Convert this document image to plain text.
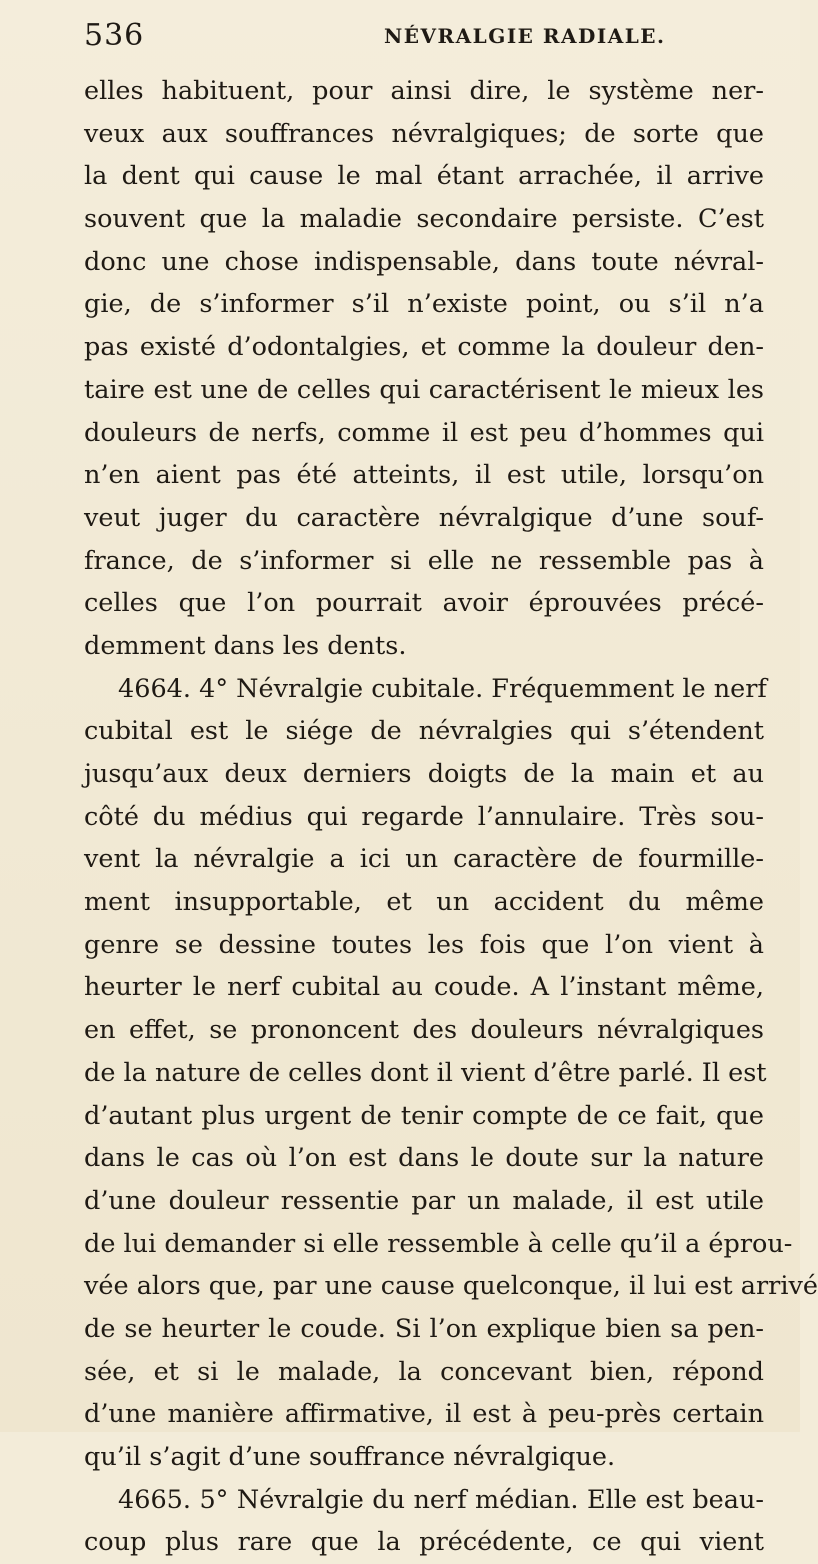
536	NÉVRALGIE RADIALE.
elles habituent, pour ainsi dire, le système ner-
veux aux souffrances névralgiques; de sorte que
la dent qui cause le mal étant arrachée, il arrive
souvent que la maladie secondaire persiste. C’est
donc une chose indispensable, dans toute névral-
gie, de s’informer s’il n’existe point, ou s’il n’a
pas existé d’odontalgies, et comme la douleur den-
taire est une de celles qui caractérisent le mieux les
douleurs de nerfs, comme il est peu d’hommes qui
n’en aient pas été atteints, il est utile, lorsqu’on
veut juger du caractère névralgique d’une souf-
france, de s’informer si elle ne ressemble pas à
celles que l’on pourrait avoir éprouvées précé-
demment dans les dents.
4664. 4° Névralgie cubitale. Fréquemment le nerf
cubital est le siége de névralgies qui s’étendent
jusqu’aux deux derniers doigts de la main et au
côté du médius qui regarde l’annulaire. Très sou-
vent la névralgie a ici un caractère de fourmille-
ment insupportable, et un accident du même
genre se dessine toutes les fois que l’on vient à
heurter le nerf cubital au coude. A l’instant même,
en effet, se prononcent des douleurs névralgiques
de la nature de celles dont il vient d’être parlé. Il est
d’autant plus urgent de tenir compte de ce fait, que
dans le cas où l’on est dans le doute sur la nature
d’une douleur ressentie par un malade, il est utile
de lui demander si elle ressemble à celle qu’il a éprou-
vée alors que, par une cause quelconque, il lui est arrivé
de se heurter le coude. Si l’on explique bien sa pen-
sée, et si le malade, la concevant bien, répond
d’une manière affirmative, il est à peu-près certain
qu’il s’agit d’une souffrance névralgique.
4665. 5° Névralgie du nerf médian. Elle est beau-
coup plus rare que la précédente, ce qui vient
